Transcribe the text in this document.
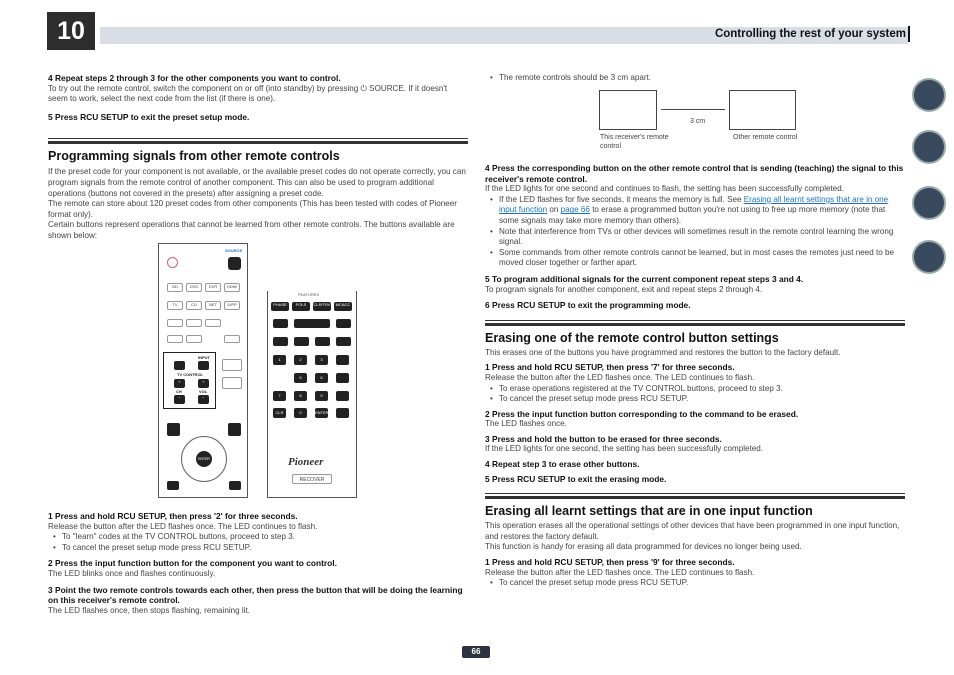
10	Controlling the rest of your system

4 Repeat steps 2 through 3 for the other components you want to control.

To try out the remote control, switch the component on or off (into standby) by pressing ⏻ SOURCE. If it doesn't seem to work, select the next code from the list (if there is one).

5 Press RCU SETUP to exit the preset setup mode.

Programming signals from other remote controls

If the preset code for your component is not available, or the available preset codes do not operate correctly, you can program signals from the remote control of another component. This can also be used to program additional operations (buttons not covered in the presets) after assigning a preset code.

The remote can store about 120 preset codes from other components (This has been tested with codes of Pioneer format only).

Certain buttons represent operations that cannot be learned from other remote controls. The buttons available are shown below:

SOURCE
BD	DVD	DVR	HDMI
TV	CD	NET	IUPP
INPUT
TV CONTROL
+	+
CH	VOL
−	−
ENTER
FEATURES
PHASE	POLS	CLR/TRV	MCACC
1	2	3
5	6
7	8	9
CLR	0	ENTER
Pioneer
RECOVER

1 Press and hold RCU SETUP, then press '2' for three seconds.

Release the button after the LED flashes once. The LED continues to flash.

• To "learn" codes at the TV CONTROL buttons, proceed to step 3.

• To cancel the preset setup mode press RCU SETUP.

2 Press the input function button for the component you want to control.

The LED blinks once and flashes continuously.

3 Point the two remote controls towards each other, then press the button that will be doing the learning on this receiver's remote control.

The LED flashes once, then stops flashing, remaining lit.

• The remote controls should be 3 cm apart.

3 cm
This receiver's remote control
Other remote control

4 Press the corresponding button on the other remote control that is sending (teaching) the signal to this receiver's remote control.

If the LED lights for one second and continues to flash, the setting has been successfully completed.

• If the LED flashes for five seconds, it means the memory is full. See Erasing all learnt settings that are in one input function on page 66 to erase a programmed button you're not using to free up more memory (note that some signals may take more memory than others).

• Note that interference from TVs or other devices will sometimes result in the remote control learning the wrong signal.

• Some commands from other remote controls cannot be learned, but in most cases the remotes just need to be moved closer together or farther apart.

5 To program additional signals for the current component repeat steps 3 and 4.

To program signals for another component, exit and repeat steps 2 through 4.

6 Press RCU SETUP to exit the programming mode.

Erasing one of the remote control button settings

This erases one of the buttons you have programmed and restores the button to the factory default.

1 Press and hold RCU SETUP, then press '7' for three seconds.

Release the button after the LED flashes once. The LED continues to flash.

• To erase operations registered at the TV CONTROL buttons, proceed to step 3.

• To cancel the preset setup mode press RCU SETUP.

2 Press the input function button corresponding to the command to be erased.

The LED flashes once.

3 Press and hold the button to be erased for three seconds.

If the LED lights for one second, the setting has been successfully completed.

4 Repeat step 3 to erase other buttons.

5 Press RCU SETUP to exit the erasing mode.

Erasing all learnt settings that are in one input function

This operation erases all the operational settings of other devices that have been programmed in one input function, and restores the factory default.

This function is handy for erasing all data programmed for devices no longer being used.

1 Press and hold RCU SETUP, then press '9' for three seconds.

Release the button after the LED flashes once. The LED continues to flash.

• To cancel the preset setup mode press RCU SETUP.

66
